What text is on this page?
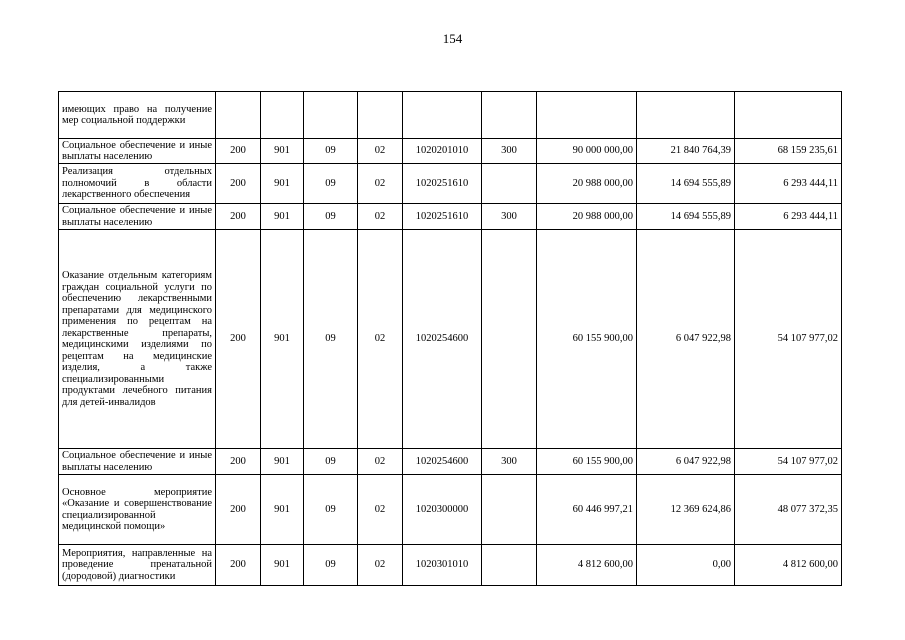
154
имеющих право на получение мер социальной поддержки									
Социальное обеспечение и иные выплаты населению	200	901	09	02	1020201010	300	90 000 000,00	21 840 764,39	68 159 235,61
Реализация отдельных полномочий в области лекарственного обеспечения	200	901	09	02	1020251610		20 988 000,00	14 694 555,89	6 293 444,11
Социальное обеспечение и иные выплаты населению	200	901	09	02	1020251610	300	20 988 000,00	14 694 555,89	6 293 444,11
Оказание отдельным категориям граждан социальной услуги по обеспечению лекарственными препаратами для медицинского применения по рецептам на лекарственные препараты, медицинскими изделиями по рецептам на медицинские изделия, а также специализированными продуктами лечебного питания для детей-инвалидов	200	901	09	02	1020254600		60 155 900,00	6 047 922,98	54 107 977,02
Социальное обеспечение и иные выплаты населению	200	901	09	02	1020254600	300	60 155 900,00	6 047 922,98	54 107 977,02
Основное мероприятие «Оказание и совершенствование специализированной медицинской помощи»	200	901	09	02	1020300000		60 446 997,21	12 369 624,86	48 077 372,35
Мероприятия, направленные на проведение пренатальной (дородовой) диагностики	200	901	09	02	1020301010		4 812 600,00	0,00	4 812 600,00
